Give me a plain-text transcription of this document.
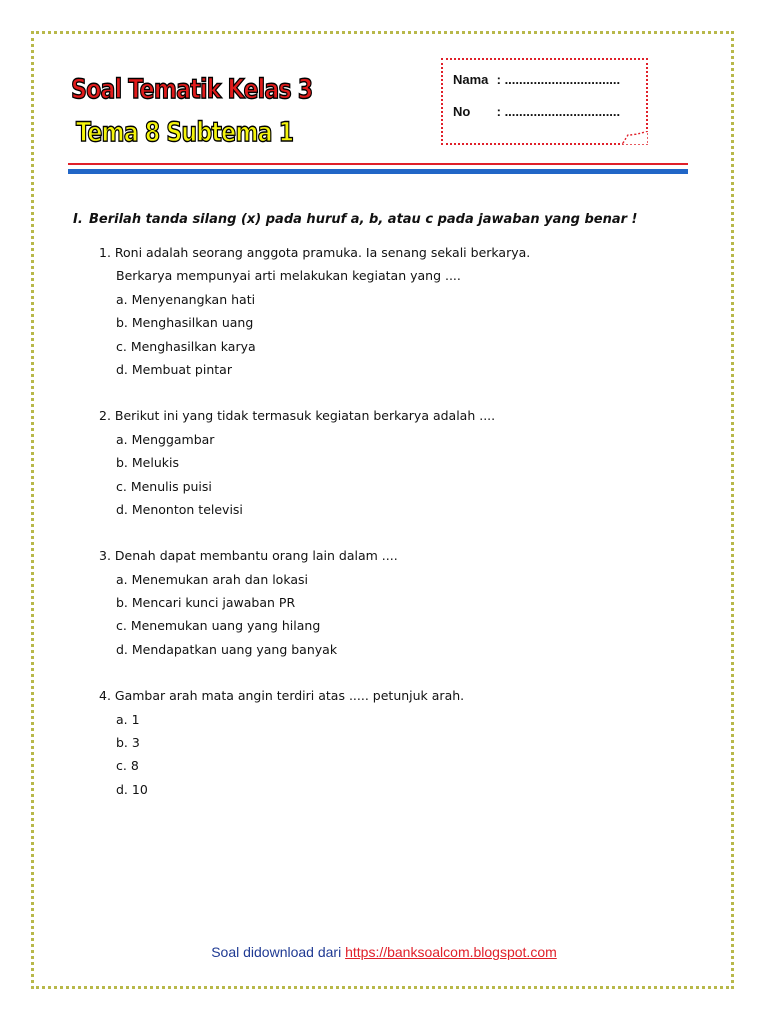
Soal Tematik Kelas 3
Tema 8 Subtema 1
Nama : ................................
No : ................................
I. Berilah tanda silang (x) pada huruf a, b, atau c pada jawaban yang benar !
1. Roni adalah seorang anggota pramuka. Ia senang sekali berkarya.
Berkarya mempunyai arti melakukan kegiatan yang ....
a. Menyenangkan hati
b. Menghasilkan uang
c. Menghasilkan karya
d. Membuat pintar
2. Berikut ini yang tidak termasuk kegiatan berkarya adalah ....
a. Menggambar
b. Melukis
c. Menulis puisi
d. Menonton televisi
3. Denah dapat membantu orang lain dalam ....
a. Menemukan arah dan lokasi
b. Mencari kunci jawaban PR
c. Menemukan uang yang hilang
d. Mendapatkan uang yang banyak
4. Gambar arah mata angin terdiri atas ..... petunjuk arah.
a. 1
b. 3
c. 8
d. 10
Soal didownload dari https://banksoalcom.blogspot.com
